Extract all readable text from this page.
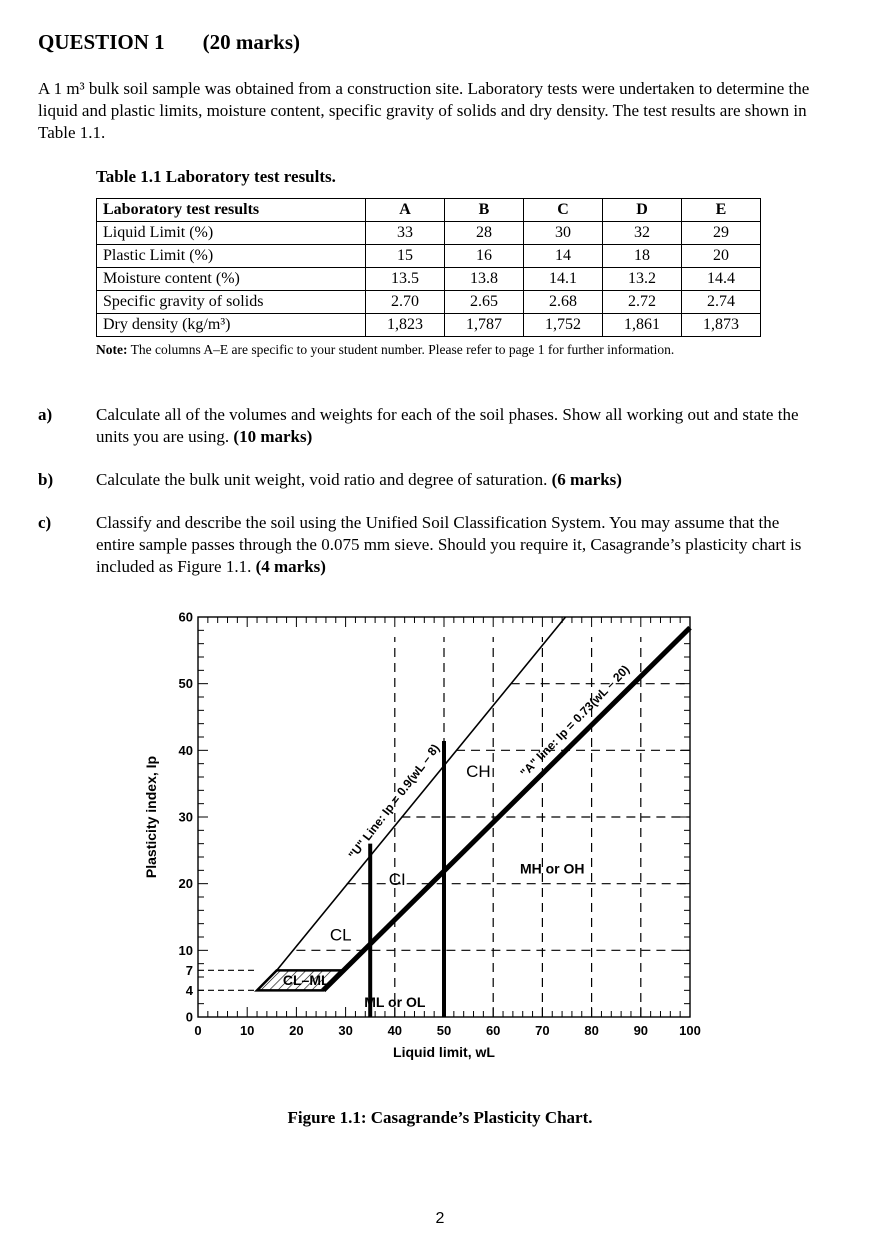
QUESTION 1 (20 marks)
A 1 m³ bulk soil sample was obtained from a construction site. Laboratory tests were undertaken to determine the liquid and plastic limits, moisture content, specific gravity of solids and dry density. The test results are shown in Table 1.1.
Table 1.1 Laboratory test results.
Laboratory test results	A	B	C	D	E
Liquid Limit (%)	33	28	30	32	29
Plastic Limit (%)	15	16	14	18	20
Moisture content (%)	13.5	13.8	14.1	13.2	14.4
Specific gravity of solids	2.70	2.65	2.68	2.72	2.74
Dry density (kg/m³)	1,823	1,787	1,752	1,861	1,873
Note: The columns A–E are specific to your student number. Please refer to page 1 for further information.
a)	Calculate all of the volumes and weights for each of the soil phases. Show all working out and state the units you are using. (10 marks)
b)	Calculate the bulk unit weight, void ratio and degree of saturation. (6 marks)
c)	Classify and describe the soil using the Unified Soil Classification System. You may assume that the entire sample passes through the 0.075 mm sieve. Should you require it, Casagrande’s plasticity chart is included as Figure 1.1. (4 marks)
0	10	20	30	40	50	60	70	80	90 100
0
4
7
10
20
30
40
50
60
Liquid limit, wL
Plasticity index, Ip	CH
CI
CL
CL–ML
ML or OL
MH or OH
"U" Line: Ip = 0.9(wL – 8)
"A" line: Ip = 0.73(wL – 20)
Figure 1.1: Casagrande’s Plasticity Chart.
2
